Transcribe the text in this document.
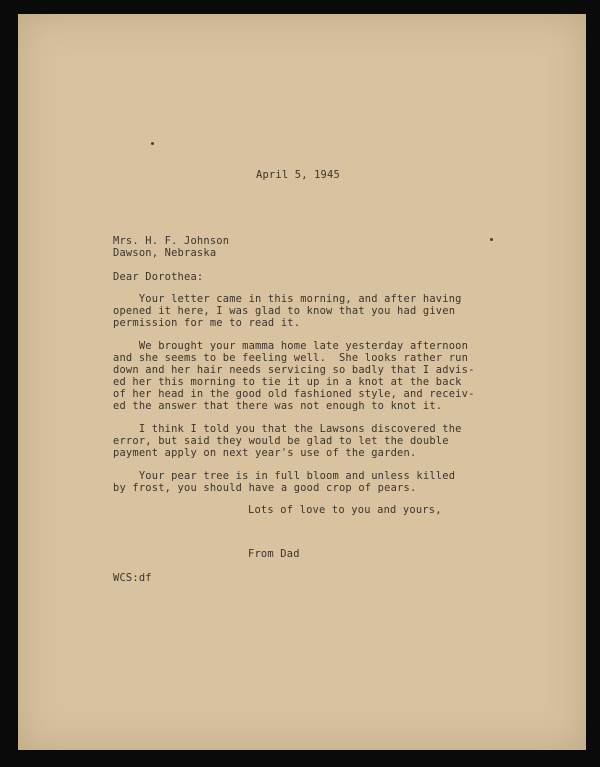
April 5, 1945
Mrs. H. F. Johnson
Dawson, Nebraska
Dear Dorothea:
Your letter came in this morning, and after having
opened it here, I was glad to know that you had given
permission for me to read it.
We brought your mamma home late yesterday afternoon
and she seems to be feeling well.  She looks rather run
down and her hair needs servicing so badly that I advis-
ed her this morning to tie it up in a knot at the back
of her head in the good old fashioned style, and receiv-
ed the answer that there was not enough to knot it.
I think I told you that the Lawsons discovered the
error, but said they would be glad to let the double
payment apply on next year's use of the garden.
Your pear tree is in full bloom and unless killed
by frost, you should have a good crop of pears.
Lots of love to you and yours,
From Dad
WCS:df
